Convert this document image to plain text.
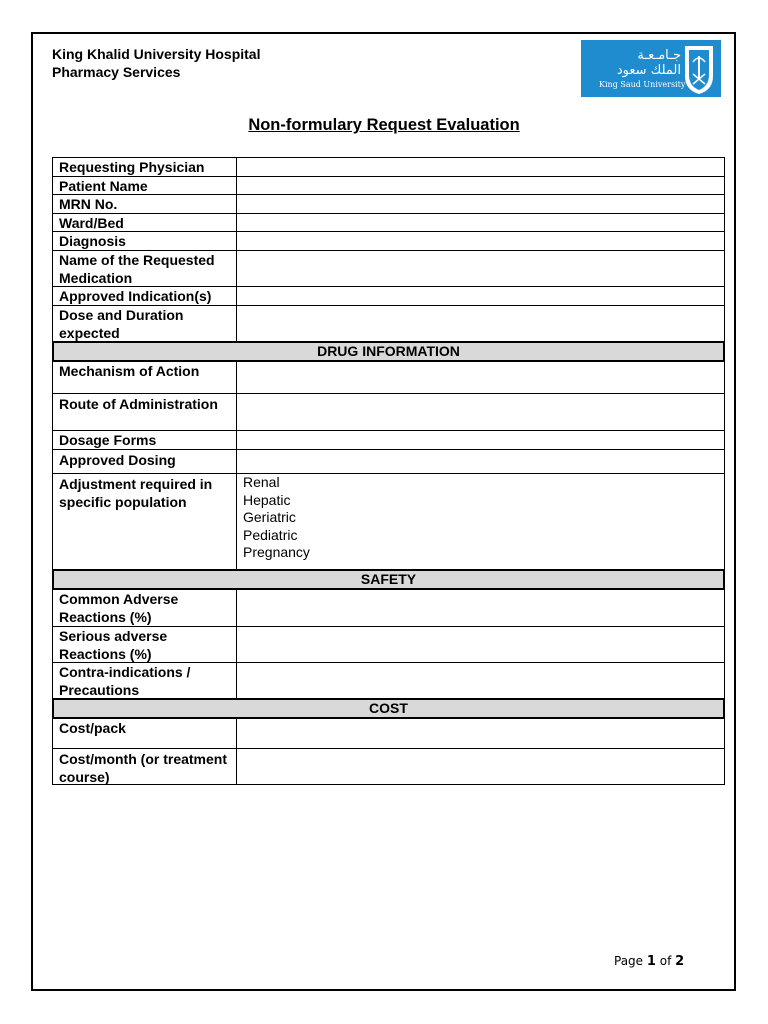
King Khalid University Hospital
Pharmacy Services
جـامـعـة
الملك سعود
King Saud University
Non-formulary Request Evaluation
Requesting Physician
Patient Name
MRN No.
Ward/Bed
Diagnosis
Name of the Requested Medication
Approved Indication(s)
Dose and Duration expected
DRUG INFORMATION
Mechanism of Action
Route of Administration
Dosage Forms
Approved Dosing
Adjustment required in specific population
Renal
Hepatic
Geriatric
Pediatric
Pregnancy
SAFETY
Common Adverse Reactions (%)
Serious adverse Reactions (%)
Contra-indications / Precautions
COST
Cost/pack
Cost/month (or treatment course)
Page 1 of 2
